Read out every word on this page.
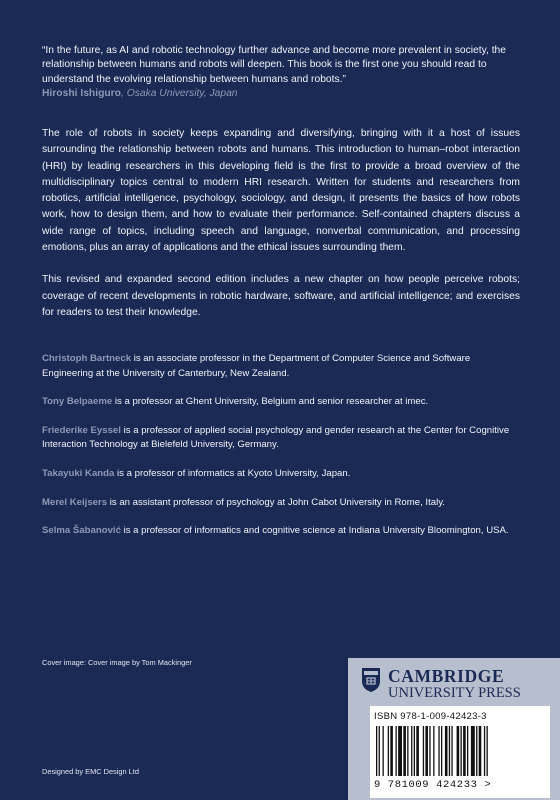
“In the future, as AI and robotic technology further advance and become more prevalent in society, the relationship between humans and robots will deepen. This book is the first one you should read to understand the evolving relationship between humans and robots.”

Hiroshi Ishiguro, Osaka University, Japan

The role of robots in society keeps expanding and diversifying, bringing with it a host of issues surrounding the relationship between robots and humans. This introduction to human–robot interaction (HRI) by leading researchers in this developing field is the first to provide a broad overview of the multidisciplinary topics central to modern HRI research. Written for students and researchers from robotics, artificial intelligence, psychology, sociology, and design, it presents the basics of how robots work, how to design them, and how to evaluate their performance. Self-contained chapters discuss a wide range of topics, including speech and language, nonverbal communication, and processing emotions, plus an array of applications and the ethical issues surrounding them.

This revised and expanded second edition includes a new chapter on how people perceive robots; coverage of recent developments in robotic hardware, software, and artificial intelligence; and exercises for readers to test their knowledge.

Christoph Bartneck is an associate professor in the Department of Computer Science and Software Engineering at the University of Canterbury, New Zealand.

Tony Belpaeme is a professor at Ghent University, Belgium and senior researcher at imec.

Friederike Eyssel is a professor of applied social psychology and gender research at the Center for Cognitive Interaction Technology at Bielefeld University, Germany.

Takayuki Kanda is a professor of informatics at Kyoto University, Japan.

Merel Keijsers is an assistant professor of psychology at John Cabot University in Rome, Italy.

Selma Šabanović is a professor of informatics and cognitive science at Indiana University Bloomington, USA.

Cover image: Cover image by Tom Mackinger
Designed by EMC Design Ltd
CAMBRIDGE
UNIVERSITY PRESS
ISBN 978-1-009-42423-3
9 781009 424233 >
